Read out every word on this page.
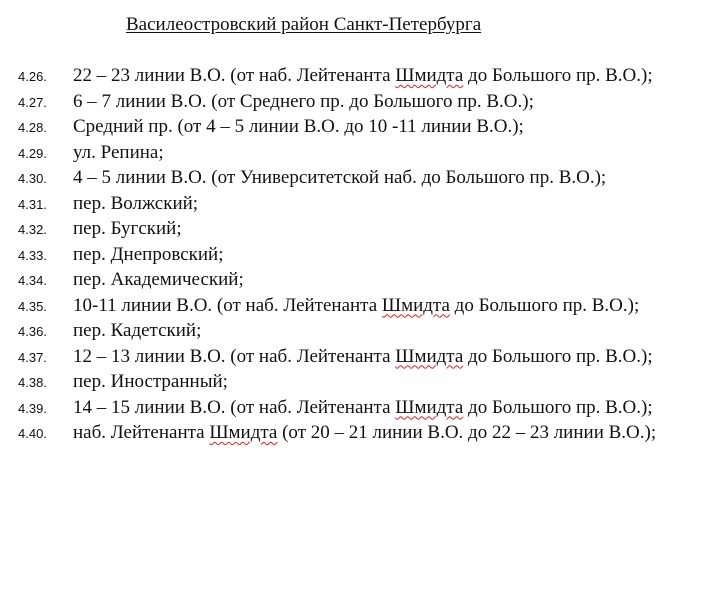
Василеостровский район Санкт-Петербурга
4.26. 22 – 23 линии В.О. (от наб. Лейтенанта Шмидта до Большого пр. В.О.);
4.27. 6 – 7 линии В.О. (от Среднего пр. до Большого пр. В.О.);
4.28. Средний пр. (от 4 – 5 линии В.О. до 10 -11 линии В.О.);
4.29. ул. Репина;
4.30. 4 – 5 линии В.О. (от Университетской наб. до Большого пр. В.О.);
4.31. пер. Волжский;
4.32. пер. Бугский;
4.33. пер. Днепровский;
4.34. пер. Академический;
4.35. 10-11 линии В.О. (от наб. Лейтенанта Шмидта до Большого пр. В.О.);
4.36. пер. Кадетский;
4.37. 12 – 13 линии В.О. (от наб. Лейтенанта Шмидта до Большого пр. В.О.);
4.38. пер. Иностранный;
4.39. 14 – 15 линии В.О. (от наб. Лейтенанта Шмидта до Большого пр. В.О.);
4.40. наб. Лейтенанта Шмидта (от 20 – 21 линии В.О. до 22 – 23 линии В.О.);
